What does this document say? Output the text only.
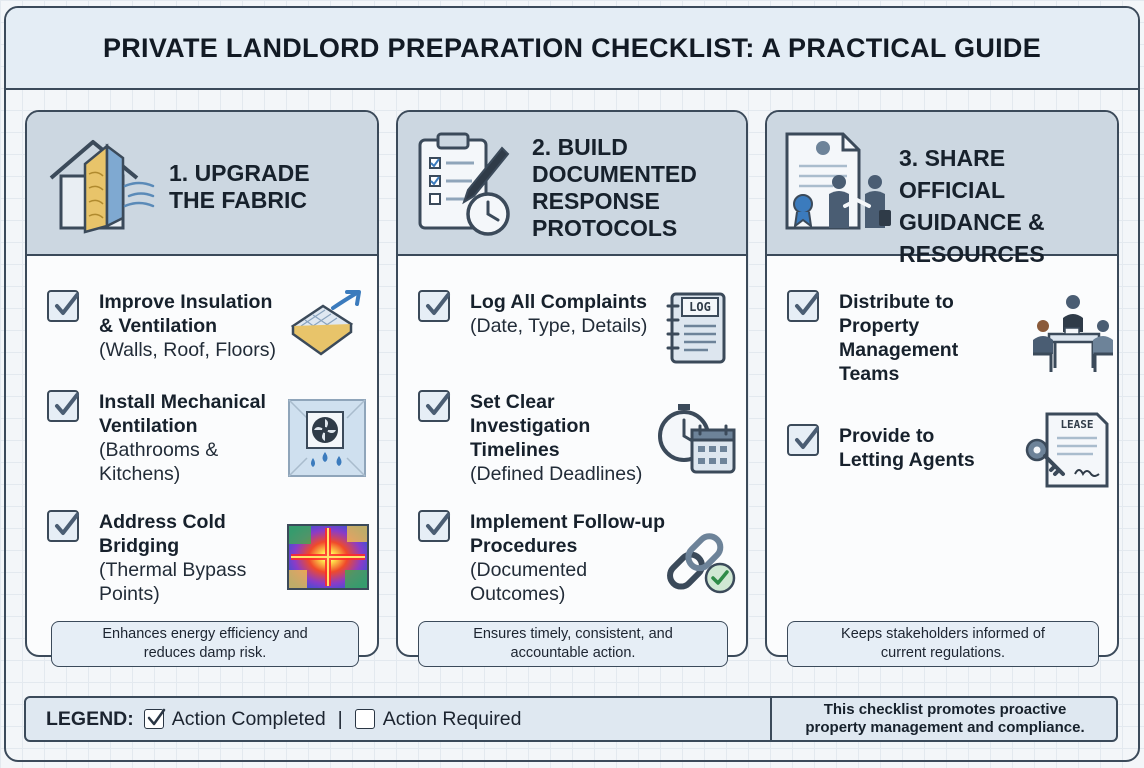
PRIVATE LANDLORD PREPARATION CHECKLIST: A PRACTICAL GUIDE
1. UPGRADE
THE FABRIC
Improve Insulation
& Ventilation
(Walls, Roof, Floors)
Install Mechanical
Ventilation
(Bathrooms &
Kitchens)
Address Cold
Bridging
(Thermal Bypass
Points)
Enhances energy efficiency and
reduces damp risk.
2. BUILD
DOCUMENTED
RESPONSE
PROTOCOLS
Log All Complaints
(Date, Type, Details)
LOG
Set Clear
Investigation
Timelines
(Defined Deadlines)
Implement Follow-up
Procedures
(Documented
Outcomes)
Ensures timely, consistent, and
accountable action.
3. SHARE OFFICIAL
GUIDANCE &
RESOURCES
Distribute to
Property
Management
Teams
Provide to
Letting Agents
LEASE
Keeps stakeholders informed of
current regulations.
LEGEND: Action Completed | Action Required	This checklist promotes proactive
property management and compliance.
